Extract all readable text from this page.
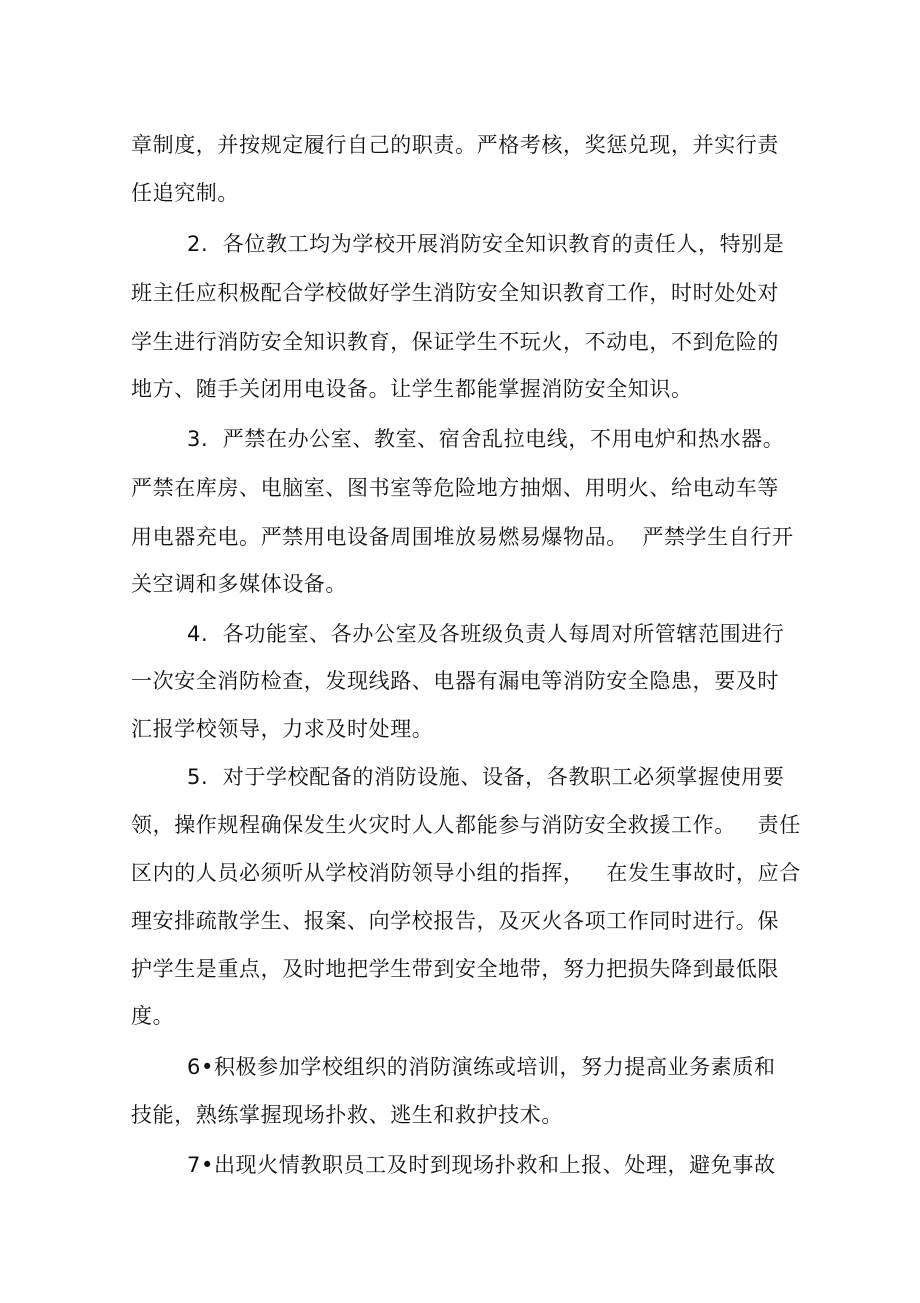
章制度，并按规定履行自己的职责。严格考核，奖惩兑现，并实行责
任追究制。
2.  各位教工均为学校开展消防安全知识教育的责任人，特别是
班主任应积极配合学校做好学生消防安全知识教育工作，时时处处对
学生进行消防安全知识教育，保证学生不玩火，不动电，不到危险的
地方、随手关闭用电设备。让学生都能掌握消防安全知识。
3.  严禁在办公室、教室、宿舍乱拉电线，不用电炉和热水器。
严禁在库房、电脑室、图书室等危险地方抽烟、用明火、给电动车等
用电器充电。严禁用电设备周围堆放易燃易爆物品。  严禁学生自行开
关空调和多媒体设备。
4.  各功能室、各办公室及各班级负责人每周对所管辖范围进行
一次安全消防检查，发现线路、电器有漏电等消防安全隐患，要及时
汇报学校领导，力求及时处理。
5.  对于学校配备的消防设施、设备，各教职工必须掌握使用要
领，操作规程确保发生火灾时人人都能参与消防安全救援工作。   责任
区内的人员必须听从学校消防领导小组的指挥，   在发生事故时，应合
理安排疏散学生、报案、向学校报告，及灭火各项工作同时进行。保
护学生是重点，及时地把学生带到安全地带，努力把损失降到最低限
度。
6•积极参加学校组织的消防演练或培训，努力提高业务素质和
技能，熟练掌握现场扑救、逃生和救护技术。
7•出现火情教职员工及时到现场扑救和上报、处理，避免事故
